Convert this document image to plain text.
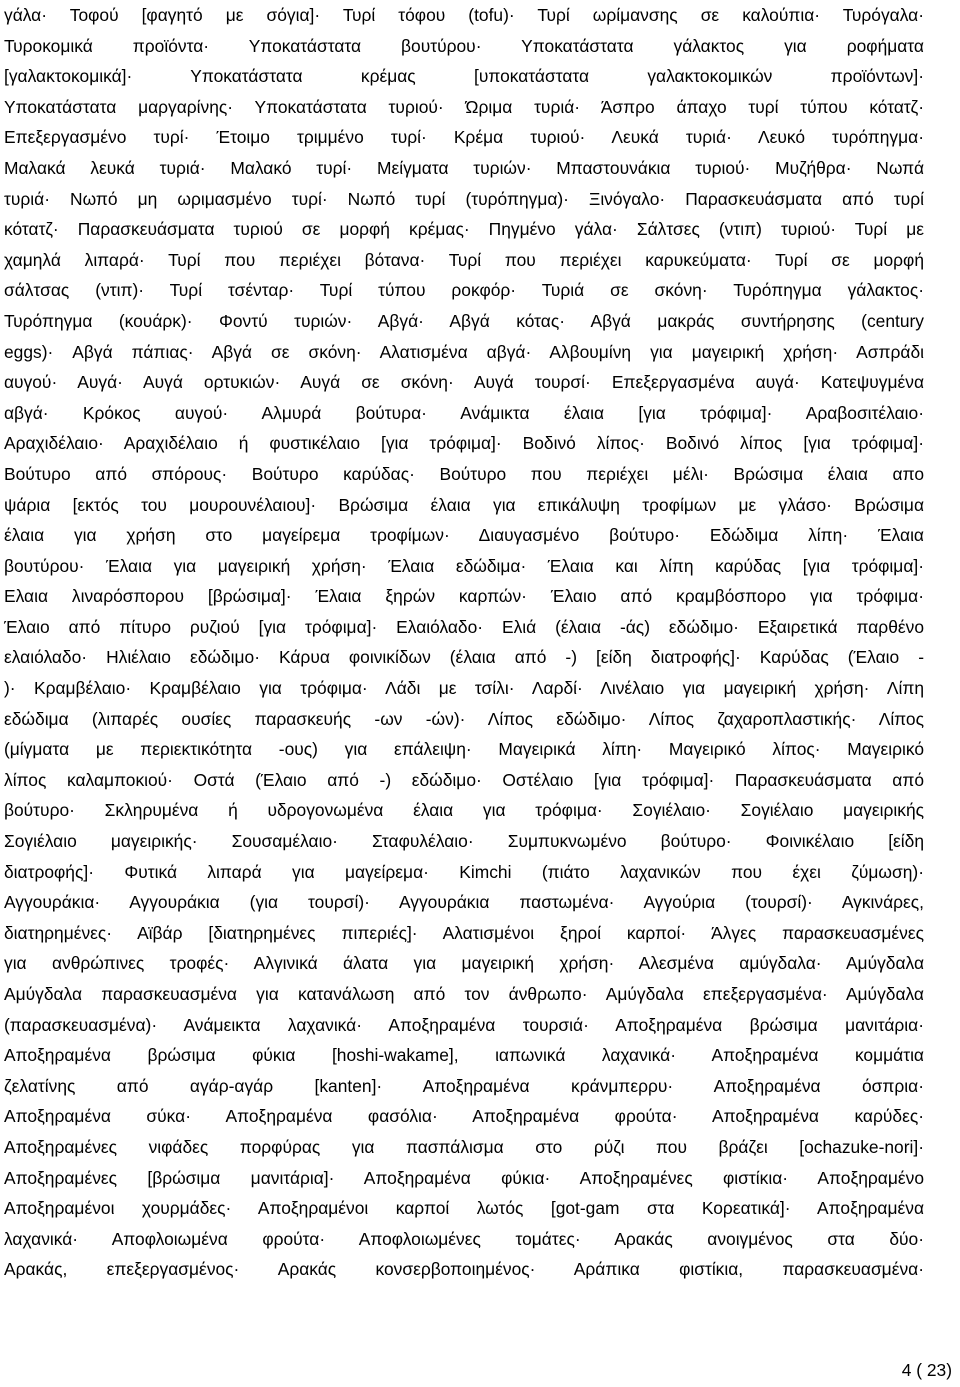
γάλα· Τοφού [φαγητό με σόγια]· Τυρί τόφου (tofu)· Τυρί ωρίμανσης σε καλούπια· Τυρόγαλα·
Τυροκομικά προϊόντα· Υποκατάστατα βουτύρου· Υποκατάστατα γάλακτος για ροφήματα
[γαλακτοκομικά]· Υποκατάστατα κρέμας [υποκατάστατα γαλακτοκομικών προϊόντων]·
Υποκατάστατα μαργαρίνης· Υποκατάστατα τυριού· Ώριμα τυριά· Άσπρο άπαχο τυρί τύπου κότατζ·
Επεξεργασμένο τυρί· Έτοιμο τριμμένο τυρί· Κρέμα τυριού· Λευκά τυριά· Λευκό τυρόπηγμα·
Μαλακά λευκά τυριά· Μαλακό τυρί· Μείγματα τυριών· Μπαστουνάκια τυριού· Μυζήθρα· Νωπά
τυριά· Νωπό μη ωριμασμένο τυρί· Νωπό τυρί (τυρόπηγμα)· Ξινόγαλο· Παρασκευάσματα από τυρί
κότατζ· Παρασκευάσματα τυριού σε μορφή κρέμας· Πηγμένο γάλα· Σάλτσες (ντιπ) τυριού· Τυρί με
χαμηλά λιπαρά· Τυρί που περιέχει βότανα· Τυρί που περιέχει καρυκεύματα· Τυρί σε μορφή
σάλτσας (ντιπ)· Τυρί τσένταρ· Τυρί τύπου ροκφόρ· Τυριά σε σκόνη· Τυρόπηγμα γάλακτος·
Τυρόπηγμα (κουάρκ)· Φοντύ τυριών· Αβγά· Αβγά κότας· Αβγά μακράς συντήρησης (century
eggs)· Αβγά πάπιας· Αβγά σε σκόνη· Αλατισμένα αβγά· Αλβουμίνη για μαγειρική χρήση· Ασπράδι
αυγού· Αυγά· Αυγά ορτυκιών· Αυγά σε σκόνη· Αυγά τουρσί· Επεξεργασμένα αυγά· Κατεψυγμένα
αβγά· Κρόκος αυγού· Αλμυρά βούτυρα· Ανάμικτα έλαια [για τρόφιμα]· Αραβοσιτέλαιο·
Αραχιδέλαιο· Αραχιδέλαιο ή φυστικέλαιο [για τρόφιμα]· Βοδινό λίπος· Βοδινό λίπος [για τρόφιμα]·
Βούτυρο από σπόρους· Βούτυρο καρύδας· Βούτυρο που περιέχει μέλι· Βρώσιμα έλαια απο
ψάρια [εκτός του μουρουνέλαιου]· Βρώσιμα έλαια για επικάλυψη τροφίμων με γλάσο· Βρώσιμα
έλαια για χρήση στο μαγείρεμα τροφίμων· Διαυγασμένο βούτυρο· Εδώδιμα λίπη· Έλαια
βουτύρου· Έλαια για μαγειρική χρήση· Έλαια εδώδιμα· Έλαια και λίπη καρύδας [για τρόφιμα]·
Ελαια λιναρόσπορου [βρώσιμα]· Έλαια ξηρών καρπών· Έλαιο από κραμβόσπορο για τρόφιμα·
Έλαιο από πίτυρο ρυζιού [για τρόφιμα]· Ελαιόλαδο· Ελιά (έλαια -άς) εδώδιμο· Εξαιρετικά παρθένο
ελαιόλαδο· Ηλιέλαιο εδώδιμο· Κάρυα φοινικίδων (έλαια από -) [είδη διατροφής]· Καρύδας (Έλαιο -
)· Κραμβέλαιο· Κραμβέλαιο για τρόφιμα· Λάδι με τσίλι· Λαρδί· Λινέλαιο για μαγειρική χρήση· Λίπη
εδώδιμα (λιπαρές ουσίες παρασκευής -ων -ών)· Λίπος εδώδιμο· Λίπος ζαχαροπλαστικής· Λίπος
(μίγματα με περιεκτικότητα -ους) για επάλειψη· Μαγειρικά λίπη· Μαγειρικό λίπος· Μαγειρικό
λίπος καλαμποκιού· Οστά (Έλαιο από -) εδώδιμο· Οστέλαιο [για τρόφιμα]· Παρασκευάσματα από
βούτυρο· Σκληρυμένα ή υδρογονωμένα έλαια για τρόφιμα· Σογιέλαιο· Σογιέλαιο μαγειρικής
Σογιέλαιο μαγειρικής· Σουσαμέλαιο· Σταφυλέλαιο· Συμπυκνωμένο βούτυρο· Φοινικέλαιο [είδη
διατροφής]· Φυτικά λιπαρά για μαγείρεμα· Kimchi (πιάτο λαχανικών που έχει ζύμωση)·
Αγγουράκια· Αγγουράκια (για τουρσί)· Αγγουράκια παστωμένα· Αγγούρια (τουρσί)· Αγκινάρες,
διατηρημένες· Αϊβάρ [διατηρημένες πιπεριές]· Αλατισμένοι ξηροί καρποί· Άλγες παρασκευασμένες
για ανθρώπινες τροφές· Αλγινικά άλατα για μαγειρική χρήση· Αλεσμένα αμύγδαλα· Αμύγδαλα
Αμύγδαλα παρασκευασμένα για κατανάλωση από τον άνθρωπο· Αμύγδαλα επεξεργασμένα· Αμύγδαλα
(παρασκευασμένα)· Ανάμεικτα λαχανικά· Αποξηραμένα τουρσιά· Αποξηραμένα βρώσιμα μανιτάρια·
Αποξηραμένα βρώσιμα φύκια [hoshi-wakame], ιαπωνικά λαχανικά· Αποξηραμένα κομμάτια
ζελατίνης από αγάρ-αγάρ [kanten]· Αποξηραμένα κράνμπερρυ· Αποξηραμένα όσπρια·
Αποξηραμένα σύκα· Αποξηραμένα φασόλια· Αποξηραμένα φρούτα· Αποξηραμένα καρύδες·
Αποξηραμένες νιφάδες πορφύρας για πασπάλισμα στο ρύζι που βράζει [ochazuke-nori]·
Αποξηραμένες [βρώσιμα μανιτάρια]· Αποξηραμένα φύκια· Αποξηραμένες φιστίκια· Αποξηραμένο
Αποξηραμένοι χουρμάδες· Αποξηραμένοι καρποί λωτός [got-gam στα Κορεατικά]· Αποξηραμένα
λαχανικά· Αποφλοιωμένα φρούτα· Αποφλοιωμένες τομάτες· Αρακάς ανοιγμένος στα δύο·
Αρακάς, επεξεργασμένος· Αρακάς κονσερβοποιημένος· Αράπικα φιστίκια, παρασκευασμένα·
4 ( 23)
